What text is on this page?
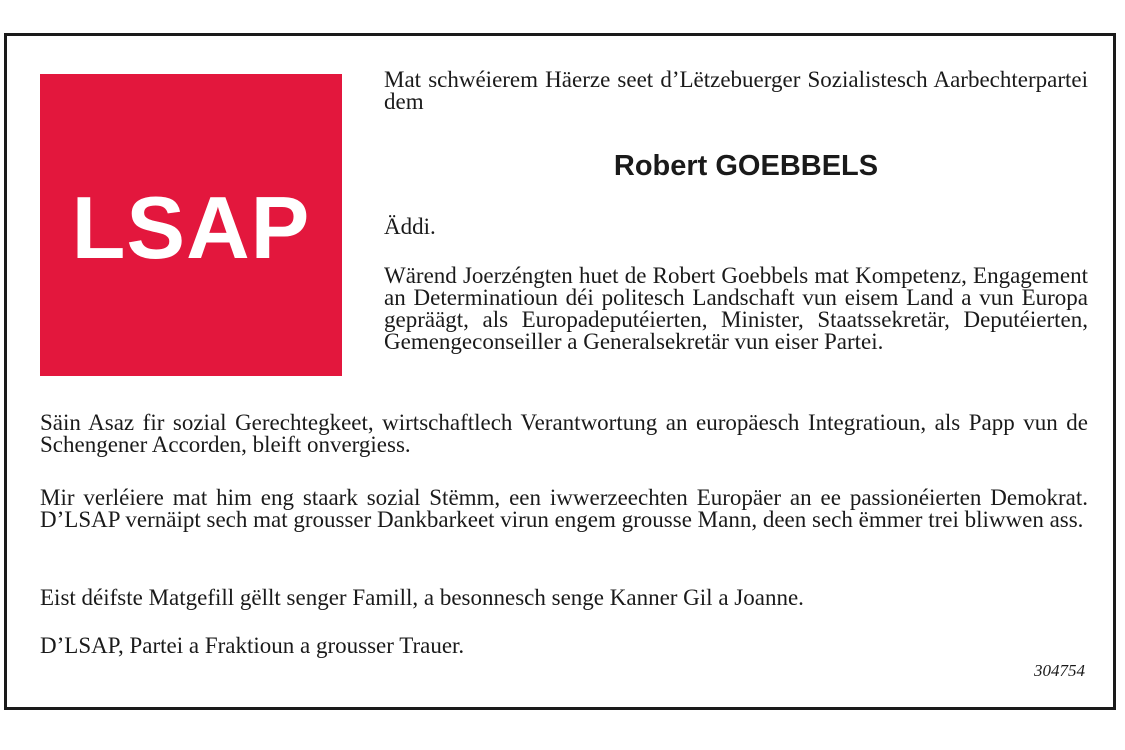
LSAP

Mat schwéierem Häerze seet d’Lëtzebuerger Sozialistesch Aarbechterpartei dem

Robert GOEBBELS

Äddi.

Wärend Joerzéngten huet de Robert Goebbels mat Kompetenz, Engagement an Determinatioun déi politesch Landschaft vun eisem Land a vun Europa gepräägt, als Europadeputéierten, Minister, Staatssekretär, Deputéierten, Gemengeconseiller a Generalsekretär vun eiser Partei.

Säin Asaz fir sozial Gerechtegkeet, wirtschaftlech Verantwortung an europäesch Integratioun, als Papp vun de Schengener Accorden, bleift onvergiess.

Mir verléiere mat him eng staark sozial Stëmm, een iwwerzeechten Europäer an ee passionéierten Demokrat. D’LSAP vernäipt sech mat grousser Dankbarkeet virun engem grousse Mann, deen sech ëmmer trei bliwwen ass.

Eist déifste Matgefill gëllt senger Famill, a besonnesch senge Kanner Gil a Joanne.

D’LSAP, Partei a Fraktioun a grousser Trauer.

304754
